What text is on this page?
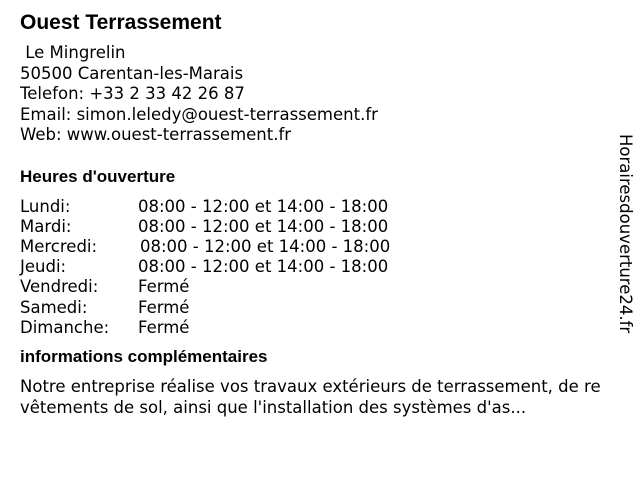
Ouest Terrassement
Le Mingrelin
50500 Carentan-les-Marais
Telefon: +33 2 33 42 26 87
Email: simon.leledy@ouest-terrassement.fr
Web: www.ouest-terrassement.fr
Heures d'ouverture
Lundi:	08:00 - 12:00 et 14:00 - 18:00
Mardi:	08:00 - 12:00 et 14:00 - 18:00
Mercredi:	08:00 - 12:00 et 14:00 - 18:00
Jeudi:	08:00 - 12:00 et 14:00 - 18:00
Vendredi:	Fermé
Samedi:	Fermé
Dimanche:	Fermé
informations complémentaires
Notre entreprise réalise vos travaux extérieurs de terrassement, de re
vêtements de sol, ainsi que l'installation des systèmes d'as...
Horairesdouverture24.fr
